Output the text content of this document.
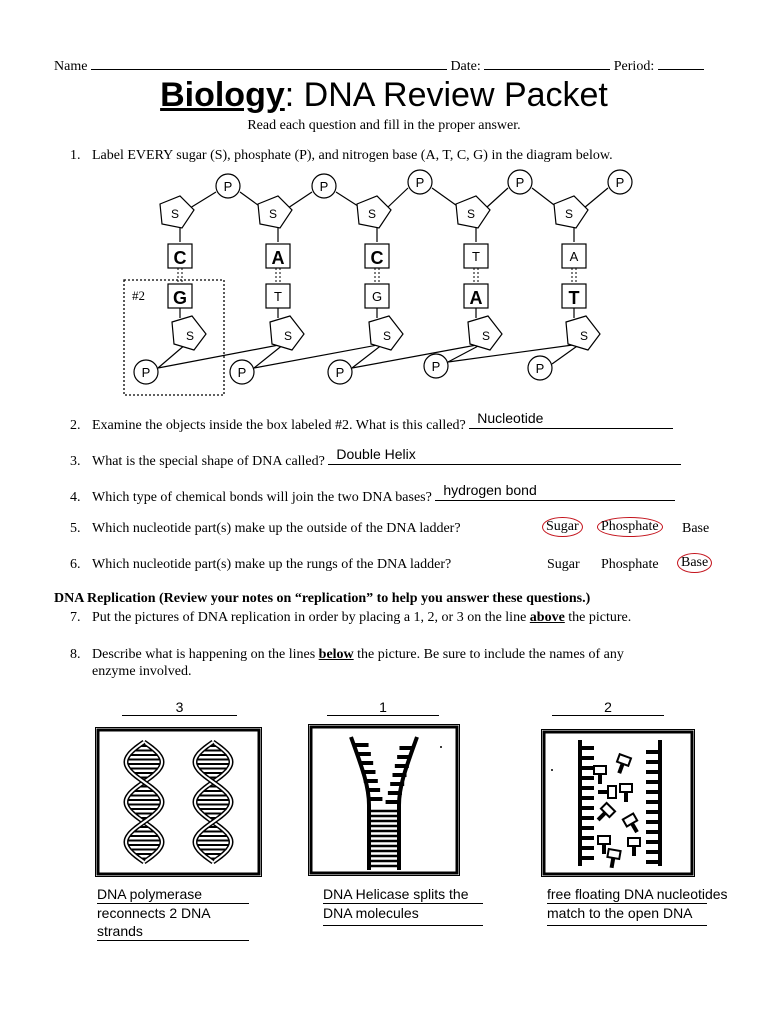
Name	Date:	Period:
Biology: DNA Review Packet
Read each question and fill in the proper answer.
1. Label EVERY sugar (S), phosphate (P), and nitrogen base (A, T, C, G) in the diagram below.
S	S	S	S	S
C
G
A
T
C
G
T
A
A
T
S	S	S	S	S
P	P	P	P	P
P	P	P	P	P
#2
2. Examine the objects inside the box labeled #2. What is this called? Nucleotide
3. What is the special shape of DNA called? Double Helix
4. Which type of chemical bonds will join the two DNA bases? hydrogen bond
5. Which nucleotide part(s) make up the outside of the DNA ladder?	Sugar Phosphate Base
6. Which nucleotide part(s) make up the rungs of the DNA ladder?	Sugar Phosphate Base
DNA Replication (Review your notes on “replication” to help you answer these questions.)
7. Put the pictures of DNA replication in order by placing a 1, 2, or 3 on the line above the picture.
8. Describe what is happening on the lines below the picture. Be sure to include the names of any
enzyme involved.
3	1	2
DNA polymerase
reconnects 2 DNA
strands
DNA Helicase splits the
DNA molecules
free floating DNA nucleotides
match to the open DNA
